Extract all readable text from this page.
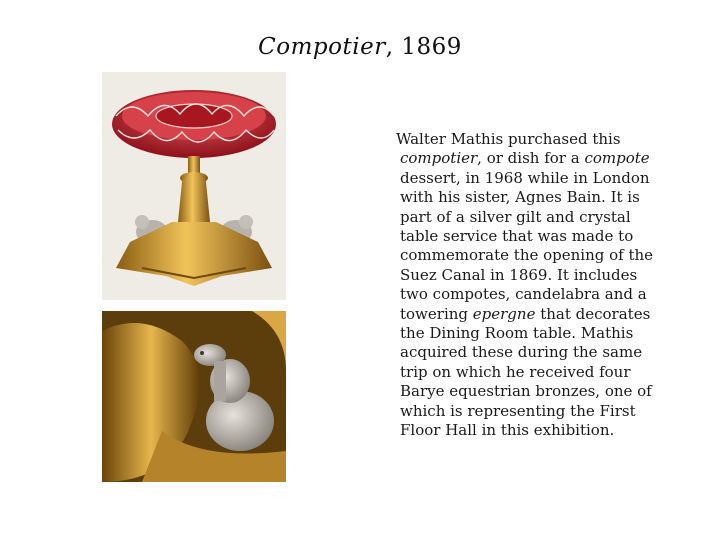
Compotier, 1869
Walter Mathis purchased this
compotier, or dish for a compote
dessert, in 1968 while in London
with his sister, Agnes Bain. It is
part of a silver gilt and crystal
table service that was made to
commemorate the opening of the
Suez Canal in 1869. It includes
two compotes, candelabra and a
towering epergne that decorates
the Dining Room table. Mathis
acquired these during the same
trip on which he received four
Barye equestrian bronzes, one of
which is representing the First
Floor Hall in this exhibition.
